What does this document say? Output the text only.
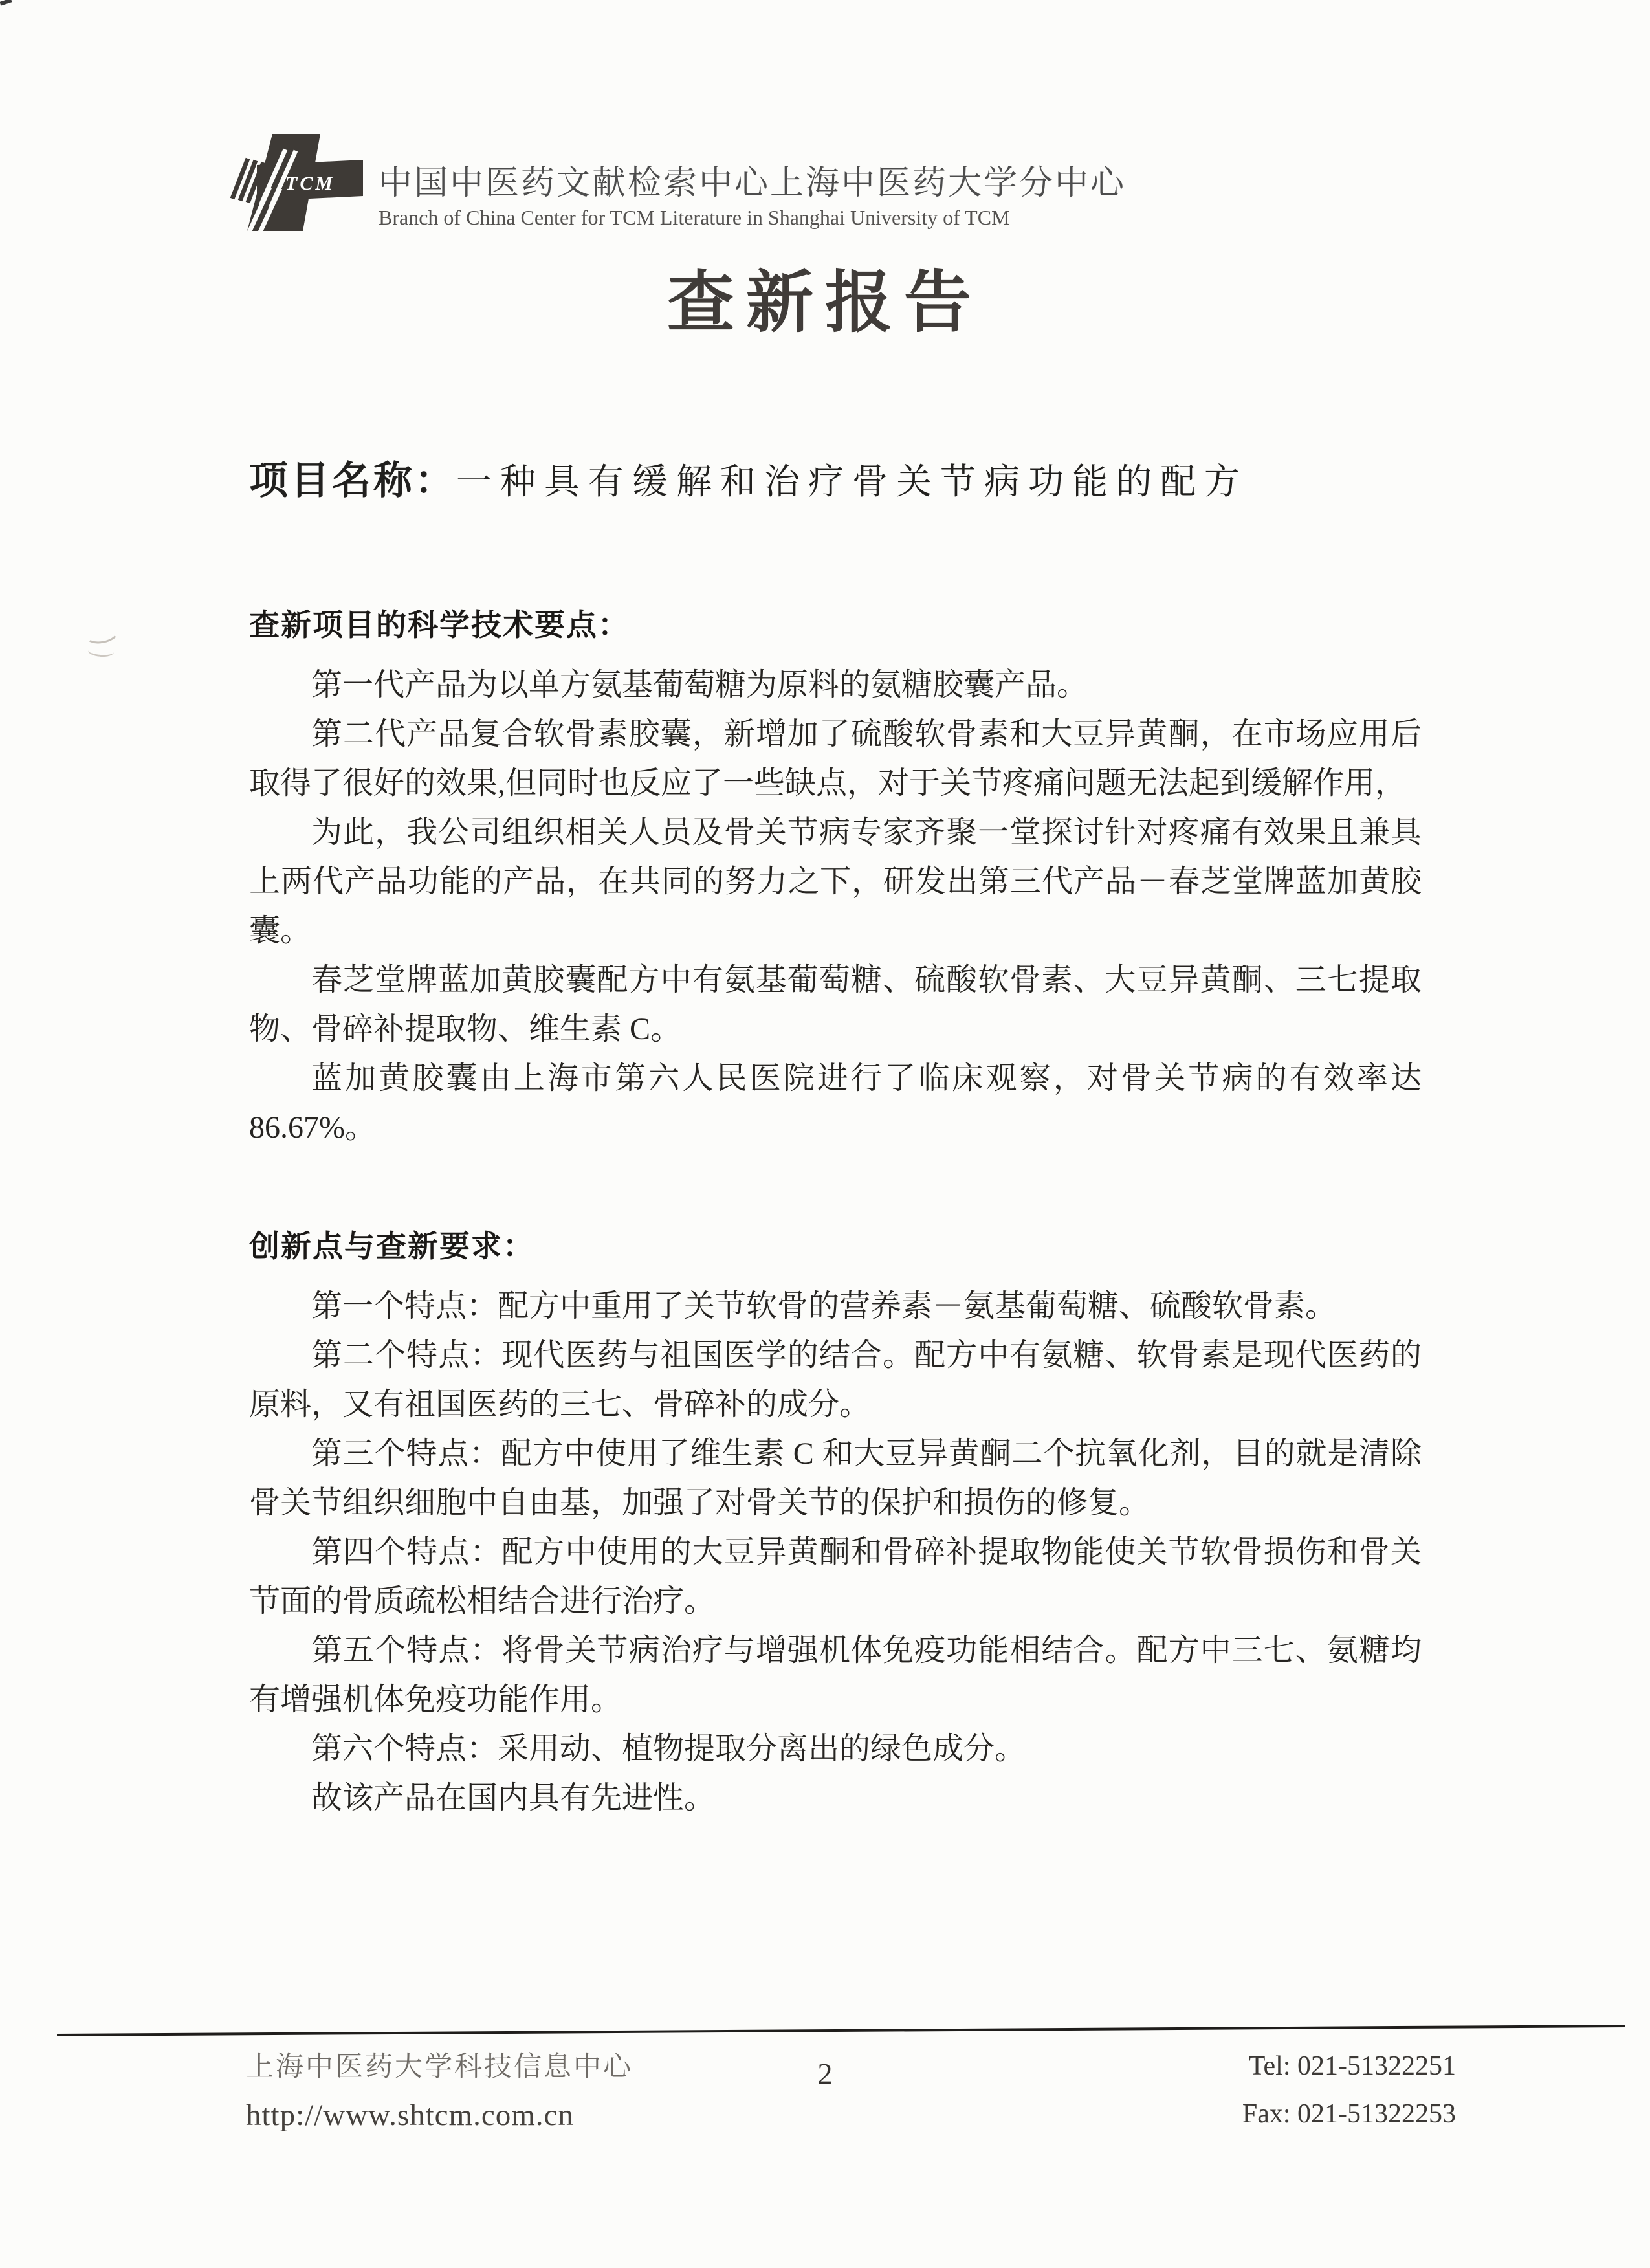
TCM 中国中医药文献检索中心上海中医药大学分中心
Branch of China Center for TCM Literature in Shanghai University of TCM
查新报告
项目名称：一种具有缓解和治疗骨关节病功能的配方
查新项目的科学技术要点：

第一代产品为以单方氨基葡萄糖为原料的氨糖胶囊产品。

第二代产品复合软骨素胶囊，新增加了硫酸软骨素和大豆异黄酮，在市场应用后取得了很好的效果,但同时也反应了一些缺点，对于关节疼痛问题无法起到缓解作用，

为此，我公司组织相关人员及骨关节病专家齐聚一堂探讨针对疼痛有效果且兼具上两代产品功能的产品，在共同的努力之下，研发出第三代产品－春芝堂牌蓝加黄胶囊。

春芝堂牌蓝加黄胶囊配方中有氨基葡萄糖、硫酸软骨素、大豆异黄酮、三七提取物、骨碎补提取物、维生素 C。

蓝加黄胶囊由上海市第六人民医院进行了临床观察，对骨关节病的有效率达86.67%。

创新点与查新要求：

第一个特点：配方中重用了关节软骨的营养素－氨基葡萄糖、硫酸软骨素。

第二个特点：现代医药与祖国医学的结合。配方中有氨糖、软骨素是现代医药的原料，又有祖国医药的三七、骨碎补的成分。

第三个特点：配方中使用了维生素 C 和大豆异黄酮二个抗氧化剂，目的就是清除骨关节组织细胞中自由基，加强了对骨关节的保护和损伤的修复。

第四个特点：配方中使用的大豆异黄酮和骨碎补提取物能使关节软骨损伤和骨关节面的骨质疏松相结合进行治疗。

第五个特点：将骨关节病治疗与增强机体免疫功能相结合。配方中三七、氨糖均有增强机体免疫功能作用。

第六个特点：采用动、植物提取分离出的绿色成分。

故该产品在国内具有先进性。

上海中医药大学科技信息中心
http://www.shtcm.com.cn
2	Tel: 021-51322251
Fax: 021-51322253
